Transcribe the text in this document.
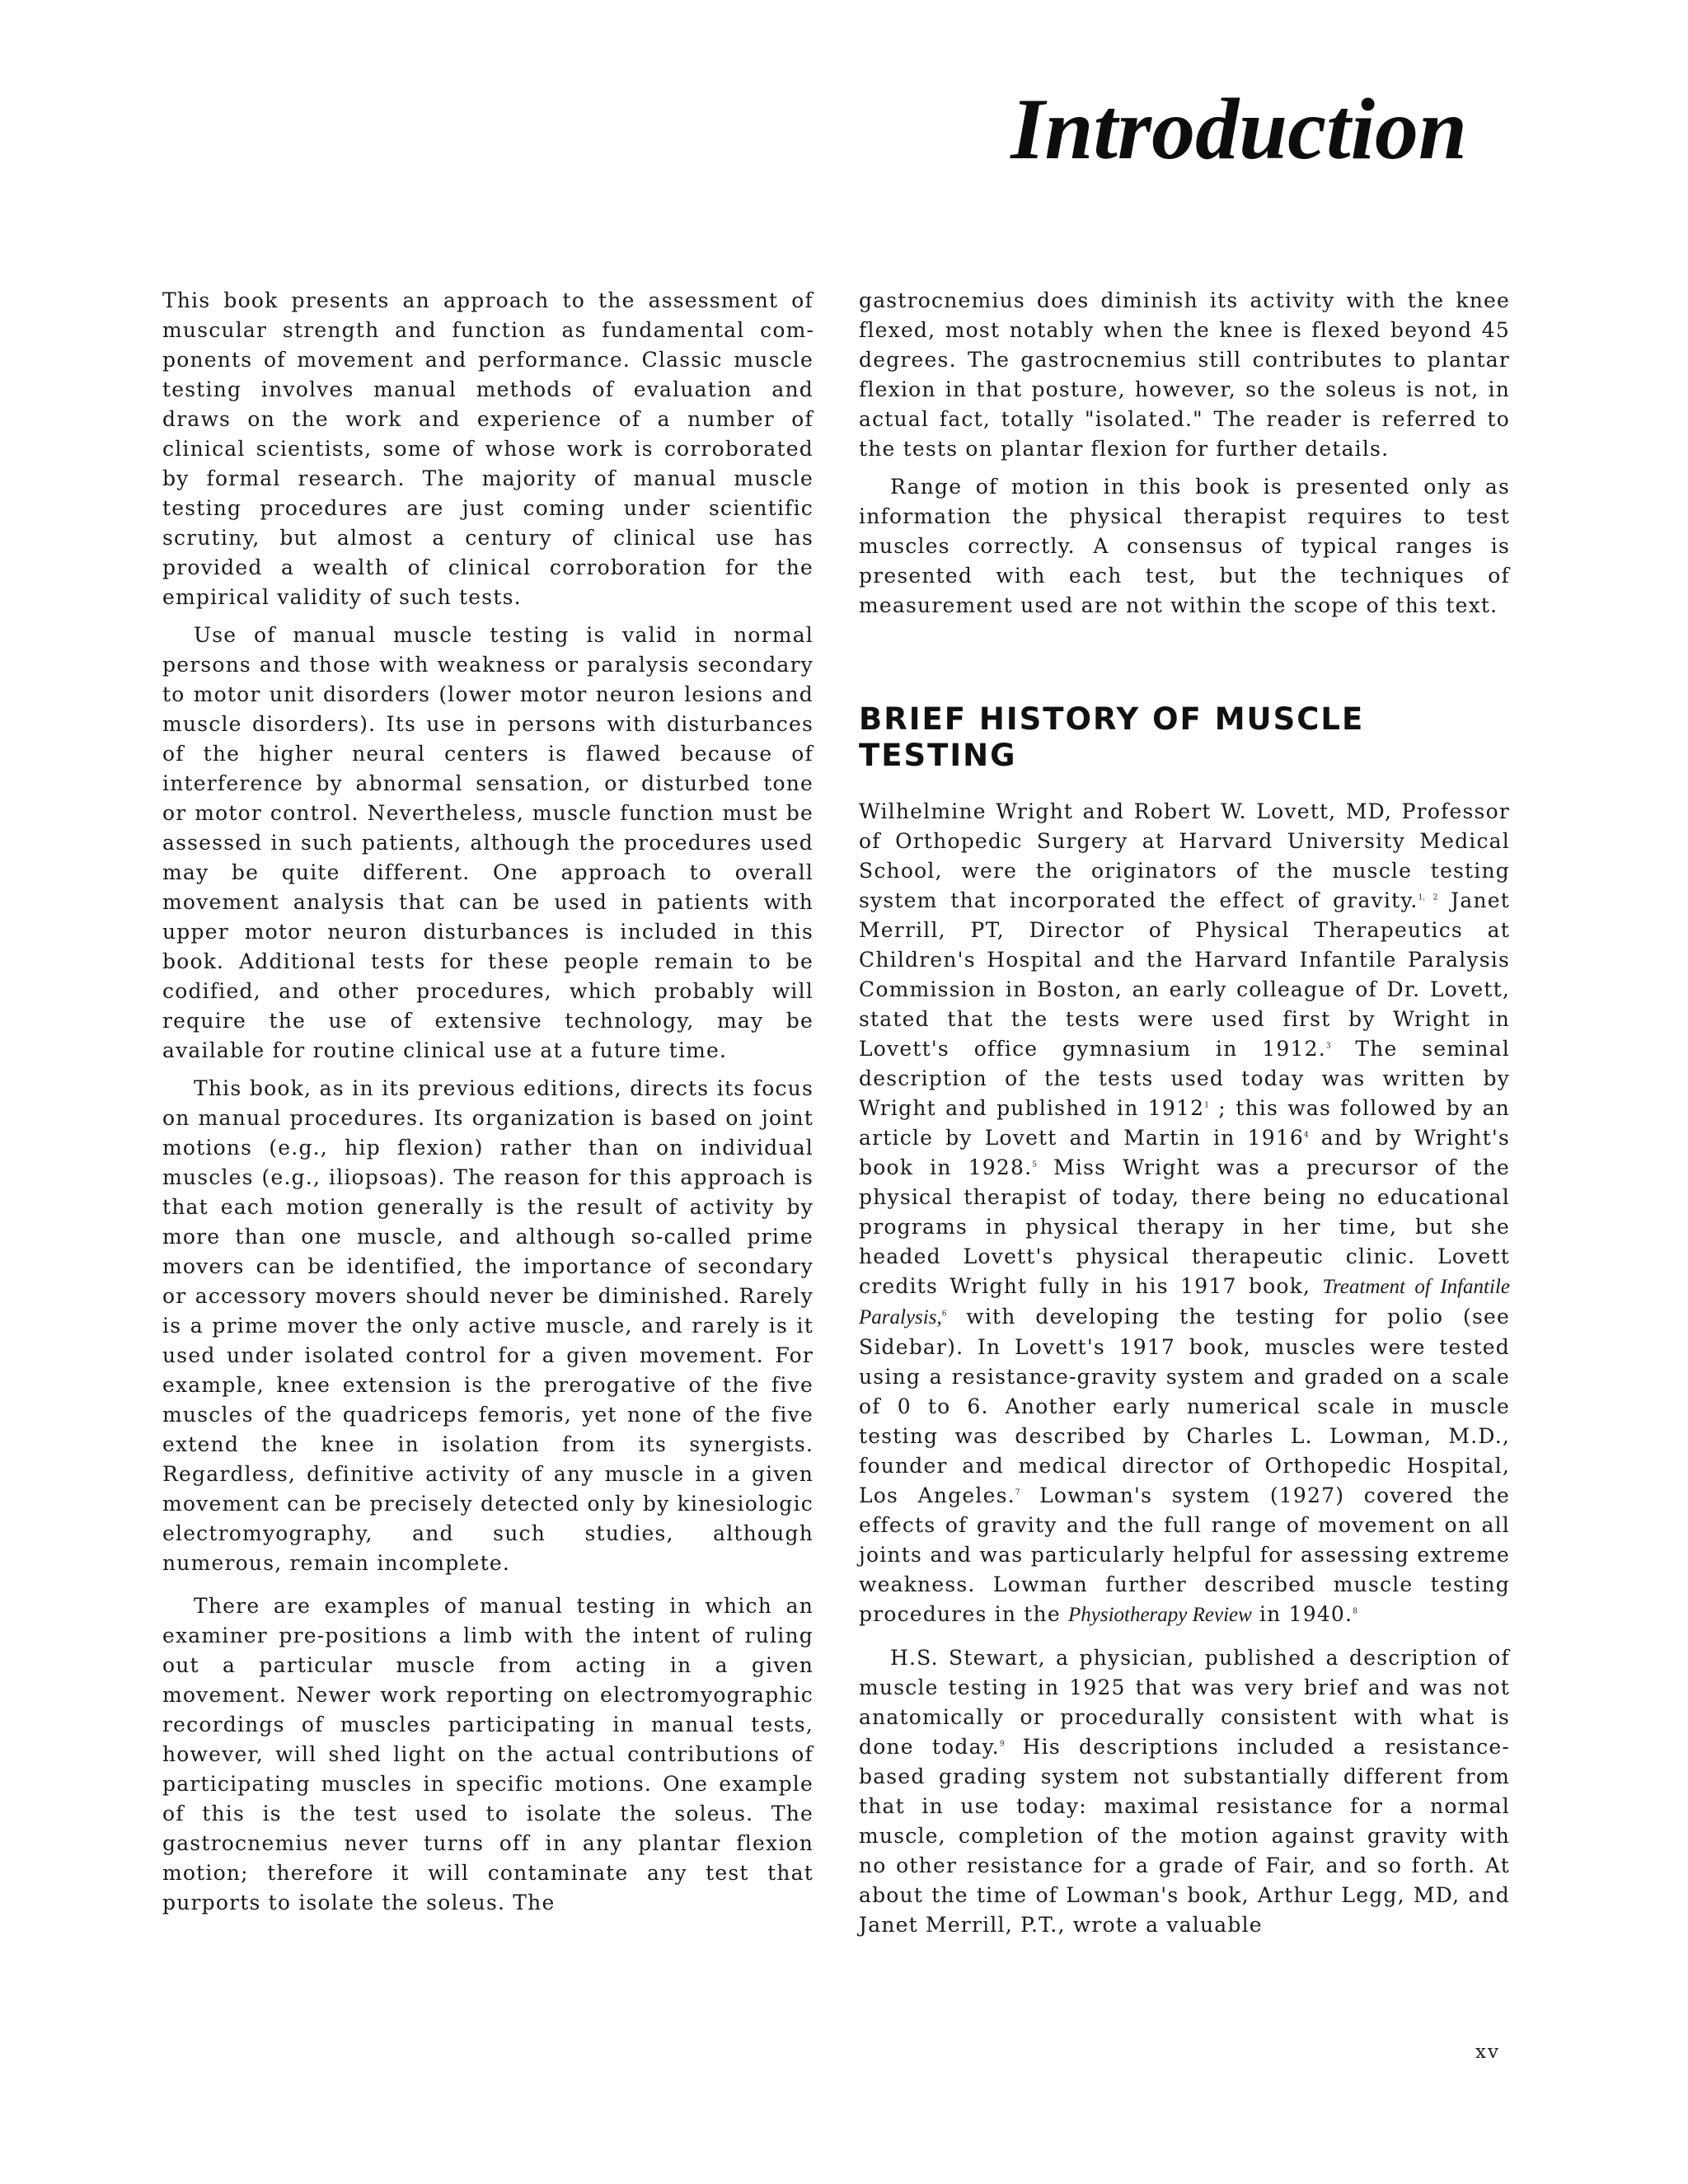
Introduction

This book presents an approach to the assessment of muscular strength and function as fundamental components of movement and performance. Classic muscle testing involves manual methods of evaluation and draws on the work and experience of a number of clinical scientists, some of whose work is corroborated by formal research. The majority of manual muscle testing procedures are just coming under scientific scrutiny, but almost a century of clinical use has provided a wealth of clinical corroboration for the empirical validity of such tests.

Use of manual muscle testing is valid in normal persons and those with weakness or paralysis secondary to motor unit disorders (lower motor neuron lesions and muscle disorders). Its use in persons with disturbances of the higher neural centers is flawed because of interference by abnormal sensation, or disturbed tone or motor control. Nevertheless, muscle function must be assessed in such patients, although the procedures used may be quite different. One approach to overall movement analysis that can be used in patients with upper motor neuron disturbances is included in this book. Additional tests for these people remain to be codified, and other procedures, which probably will require the use of extensive technology, may be available for routine clinical use at a future time.

This book, as in its previous editions, directs its focus on manual procedures. Its organization is based on joint motions (e.g., hip flexion) rather than on individual muscles (e.g., iliopsoas). The reason for this approach is that each motion generally is the result of activity by more than one muscle, and although so-called prime movers can be identified, the importance of secondary or accessory movers should never be diminished. Rarely is a prime mover the only active muscle, and rarely is it used under isolated control for a given movement. For example, knee extension is the prerogative of the five muscles of the quadriceps femoris, yet none of the five extend the knee in isolation from its synergists. Regardless, definitive activity of any muscle in a given movement can be precisely detected only by kinesiologic electromyography, and such studies, although numerous, remain incomplete.

There are examples of manual testing in which an examiner pre-positions a limb with the intent of ruling out a particular muscle from acting in a given movement. Newer work reporting on electromyographic recordings of muscles participating in manual tests, however, will shed light on the actual contributions of participating muscles in specific motions. One example of this is the test used to isolate the soleus. The gastrocnemius never turns off in any plantar flexion motion; therefore it will contaminate any test that purports to isolate the soleus. The

gastrocnemius does diminish its activity with the knee flexed, most notably when the knee is flexed beyond 45 degrees. The gastrocnemius still contributes to plantar flexion in that posture, however, so the soleus is not, in actual fact, totally "isolated." The reader is referred to the tests on plantar flexion for further details.

Range of motion in this book is presented only as information the physical therapist requires to test muscles correctly. A consensus of typical ranges is presented with each test, but the techniques of measurement used are not within the scope of this text.

BRIEF HISTORY OF MUSCLE TESTING

Wilhelmine Wright and Robert W. Lovett, MD, Professor of Orthopedic Surgery at Harvard University Medical School, were the originators of the muscle testing system that incorporated the effect of gravity.$^{1, 2}$ Janet Merrill, PT, Director of Physical Therapeutics at Children's Hospital and the Harvard Infantile Paralysis Commission in Boston, an early colleague of Dr. Lovett, stated that the tests were used first by Wright in Lovett's office gymnasium in 1912.$^3$ The seminal description of the tests used today was written by Wright and published in 1912$^1$ ; this was followed by an article by Lovett and Martin in 1916$^4$ and by Wright's book in 1928.$^5$ Miss Wright was a precursor of the physical therapist of today, there being no educational programs in physical therapy in her time, but she headed Lovett's physical therapeutic clinic. Lovett credits Wright fully in his 1917 book, Treatment of Infantile Paralysis,$^6$ with developing the testing for polio (see Sidebar). In Lovett's 1917 book, muscles were tested using a resistance-gravity system and graded on a scale of 0 to 6. Another early numerical scale in muscle testing was described by Charles L. Lowman, M.D., founder and medical director of Orthopedic Hospital, Los Angeles.$^7$ Lowman's system (1927) covered the effects of gravity and the full range of movement on all joints and was particularly helpful for assessing extreme weakness. Lowman further described muscle testing procedures in the Physiotherapy Review in 1940.$^8$

H.S. Stewart, a physician, published a description of muscle testing in 1925 that was very brief and was not anatomically or procedurally consistent with what is done today.$^9$ His descriptions included a resistance-based grading system not substantially different from that in use today: maximal resistance for a normal muscle, completion of the motion against gravity with no other resistance for a grade of Fair, and so forth. At about the time of Lowman's book, Arthur Legg, MD, and Janet Merrill, P.T., wrote a valuable

xv
